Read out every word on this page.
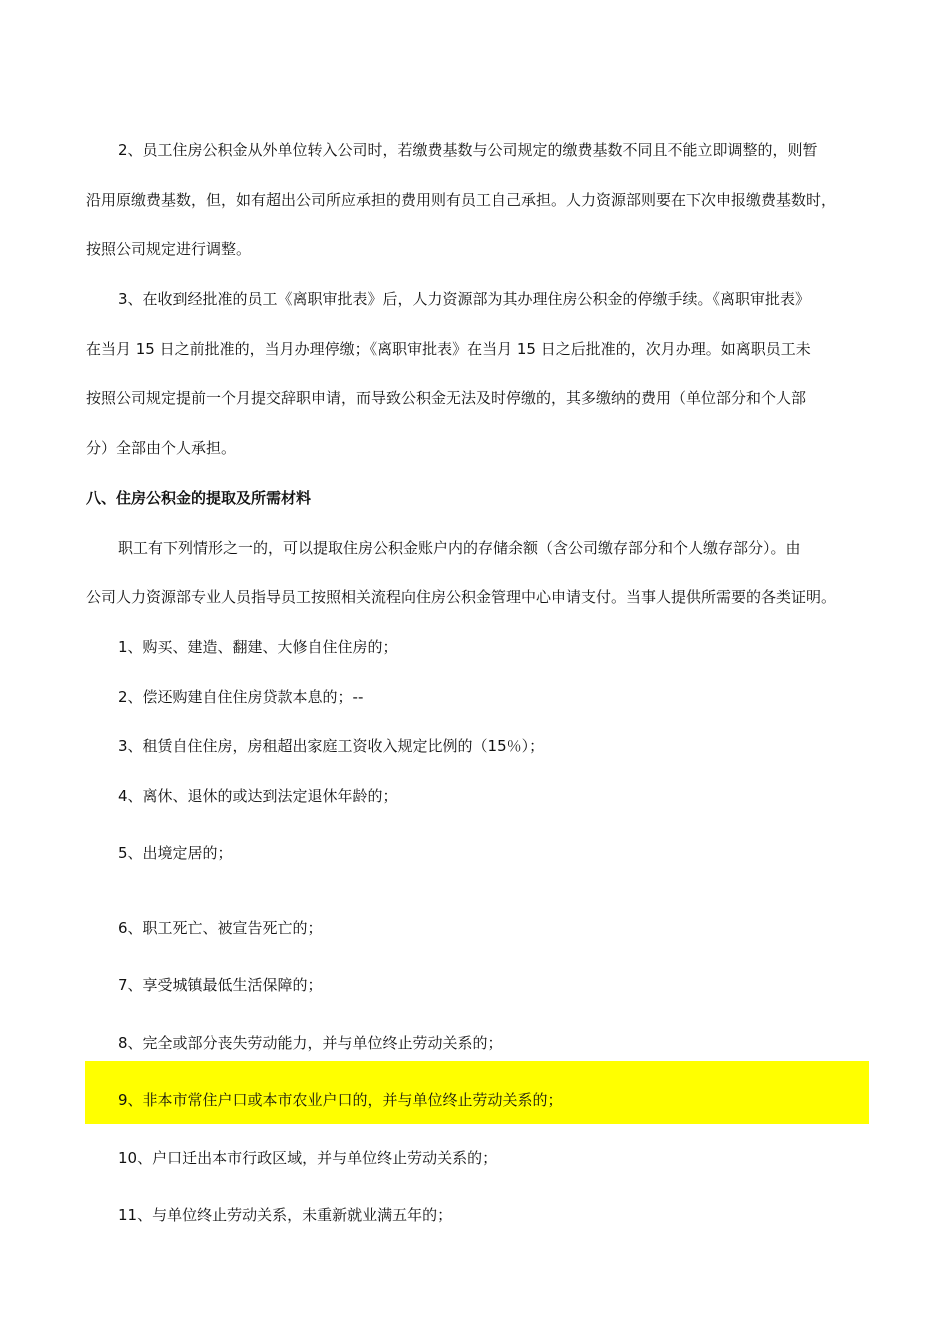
2、员工住房公积金从外单位转入公司时，若缴费基数与公司规定的缴费基数不同且不能立即调整的，则暂
沿用原缴费基数，但，如有超出公司所应承担的费用则有员工自己承担。人力资源部则要在下次申报缴费基数时，
按照公司规定进行调整。
3、在收到经批准的员工《离职审批表》后，人力资源部为其办理住房公积金的停缴手续。《离职审批表》
在当月 15 日之前批准的，当月办理停缴；《离职审批表》在当月 15 日之后批准的，次月办理。如离职员工未
按照公司规定提前一个月提交辞职申请，而导致公积金无法及时停缴的，其多缴纳的费用（单位部分和个人部
分）全部由个人承担。
八、住房公积金的提取及所需材料
职工有下列情形之一的，可以提取住房公积金账户内的存储余额（含公司缴存部分和个人缴存部分）。由
公司人力资源部专业人员指导员工按照相关流程向住房公积金管理中心申请支付。当事人提供所需要的各类证明。
1、购买、建造、翻建、大修自住住房的；
2、偿还购建自住住房贷款本息的；--
3、租赁自住住房，房租超出家庭工资收入规定比例的（15％）；
4、离休、退休的或达到法定退休年龄的；
5、出境定居的；
6、职工死亡、被宣告死亡的；
7、享受城镇最低生活保障的；
8、完全或部分丧失劳动能力，并与单位终止劳动关系的；
9、非本市常住户口或本市农业户口的，并与单位终止劳动关系的；
10、户口迁出本市行政区域，并与单位终止劳动关系的；
11、与单位终止劳动关系，未重新就业满五年的；
